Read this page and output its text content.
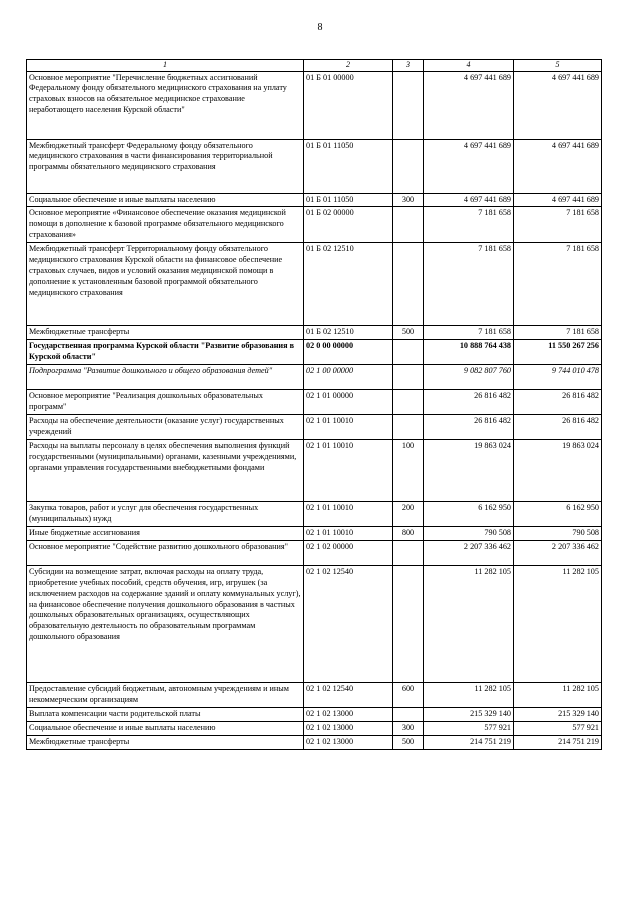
8
1	2	3	4	5
Основное мероприятие "Перечисление бюджетных ассигнований Федеральному фонду обязательного медицинского страхования на уплату страховых взносов на обязательное медицинское страхование неработающего населения Курской области"	01 Б 01 00000		4 697 441 689	4 697 441 689
Межбюджетный трансферт Федеральному фонду обязательного медицинского страхования в части финансирования территориальной программы обязательного медицинского страхования	01 Б 01 11050		4 697 441 689	4 697 441 689
Социальное обеспечение и иные выплаты населению	01 Б 01 11050	300	4 697 441 689	4 697 441 689
Основное мероприятие «Финансовое обеспечение оказания медицинской помощи в дополнение к базовой программе обязательного медицинского страхования»	01 Б 02 00000		7 181 658	7 181 658
Межбюджетный трансферт Территориальному фонду обязательного медицинского страхования Курской области на финансовое обеспечение страховых случаев, видов и условий оказания медицинской помощи в дополнение к установленным базовой программой обязательного медицинского страхования	01 Б 02 12510		7 181 658	7 181 658
Межбюджетные трансферты	01 Б 02 12510	500	7 181 658	7 181 658
Государственная программа Курской области "Развитие образования в Курской области"	02 0 00 00000		10 888 764 438	11 550 267 256
Подпрограмма "Развитие дошкольного и общего образования детей"	02 1 00 00000		9 082 807 760	9 744 010 478
Основное мероприятие "Реализация дошкольных образовательных программ"	02 1 01 00000		26 816 482	26 816 482
Расходы на обеспечение деятельности (оказание услуг) государственных учреждений	02 1 01 10010		26 816 482	26 816 482
Расходы на выплаты персоналу в целях обеспечения выполнения функций государственными (муниципальными) органами, казенными учреждениями, органами управления государственными внебюджетными фондами	02 1 01 10010	100	19 863 024	19 863 024
Закупка товаров, работ и услуг для обеспечения государственных (муниципальных) нужд	02 1 01 10010	200	6 162 950	6 162 950
Иные бюджетные ассигнования	02 1 01 10010	800	790 508	790 508
Основное мероприятие "Содействие развитию дошкольного образования"	02 1 02 00000		2 207 336 462	2 207 336 462
Субсидии на возмещение затрат, включая расходы на оплату труда, приобретение учебных пособий, средств обучения, игр, игрушек (за исключением расходов на содержание зданий и оплату коммунальных услуг), на финансовое обеспечение получения дошкольного образования в частных дошкольных образовательных организациях, осуществляющих образовательную деятельность по образовательным программам дошкольного образования	02 1 02 12540		11 282 105	11 282 105
Предоставление субсидий бюджетным, автономным учреждениям и иным некоммерческим организациям	02 1 02 12540	600	11 282 105	11 282 105
Выплата компенсации части родительской платы	02 1 02 13000		215 329 140	215 329 140
Социальное обеспечение и иные выплаты населению	02 1 02 13000	300	577 921	577 921
Межбюджетные трансферты	02 1 02 13000	500	214 751 219	214 751 219
